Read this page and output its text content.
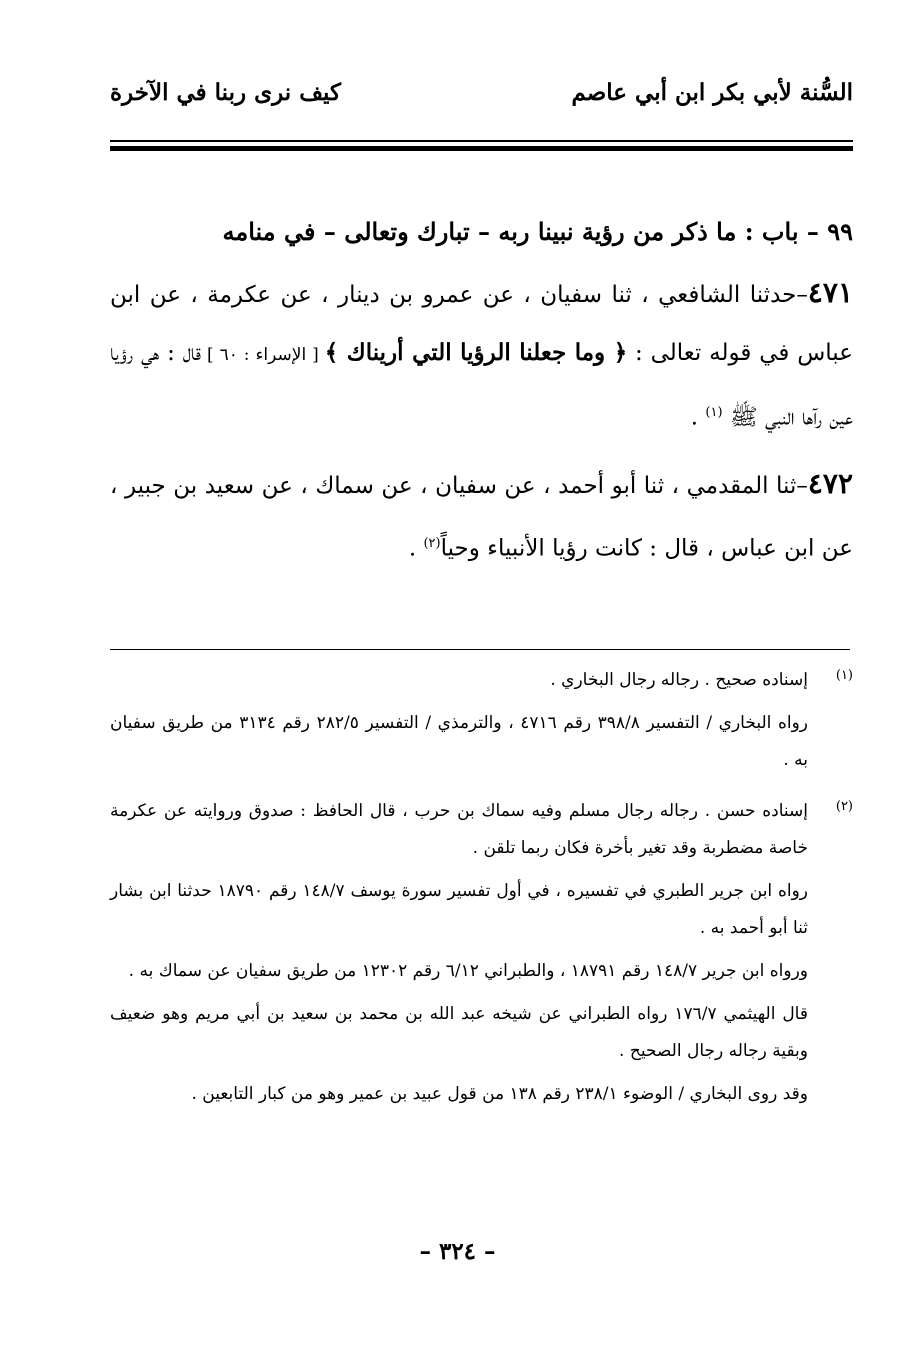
السُّنة لأبي بكر ابن أبي عاصم
كيف نرى ربنا في الآخرة
٩٩ – باب : ما ذكر من رؤية نبينا ربه – تبارك وتعالى – في منامه

٤٧١–حدثنا الشافعي ، ثنا سفيان ، عن عمرو بن دينار ، عن عكرمة ، عن ابن عباس في قوله تعالى : ﴿ وما جعلنا الرؤيا التي أريناك ﴾ [ الإسراء : ٦٠ ] قال : هي رؤيا عين رآها النبي ﷺ $^{(١)}$ .

٤٧٢–ثنا المقدمي ، ثنا أبو أحمد ، عن سفيان ، عن سماك ، عن سعيد بن جبير ، عن ابن عباس ، قال : كانت رؤيا الأنبياء وحياً$^{(٢)}$ .

(١)

إسناده صحيح . رجاله رجال البخاري .

رواه البخاري / التفسير ٣٩٨/٨ رقم ٤٧١٦ ، والترمذي / التفسير ٢٨٢/٥ رقم ٣١٣٤ من طريق سفيان به .

(٢)

إسناده حسن . رجاله رجال مسلم وفيه سماك بن حرب ، قال الحافظ : صدوق وروايته عن عكرمة خاصة مضطربة وقد تغير بأخرة فكان ربما تلقن .

رواه ابن جرير الطبري في تفسيره ، في أول تفسير سورة يوسف ١٤٨/٧ رقم ١٨٧٩٠ حدثنا ابن بشار ثنا أبو أحمد به .

ورواه ابن جرير ١٤٨/٧ رقم ١٨٧٩١ ، والطبراني ٦/١٢ رقم ١٢٣٠٢ من طريق سفيان عن سماك به .

قال الهيثمي ١٧٦/٧ رواه الطبراني عن شيخه عبد الله بن محمد بن سعيد بن أبي مريم وهو ضعيف وبقية رجاله رجال الصحيح .

وقد روى البخاري / الوضوء ٢٣٨/١ رقم ١٣٨ من قول عبيد بن عمير وهو من كبار التابعين .

– ٣٢٤ –
